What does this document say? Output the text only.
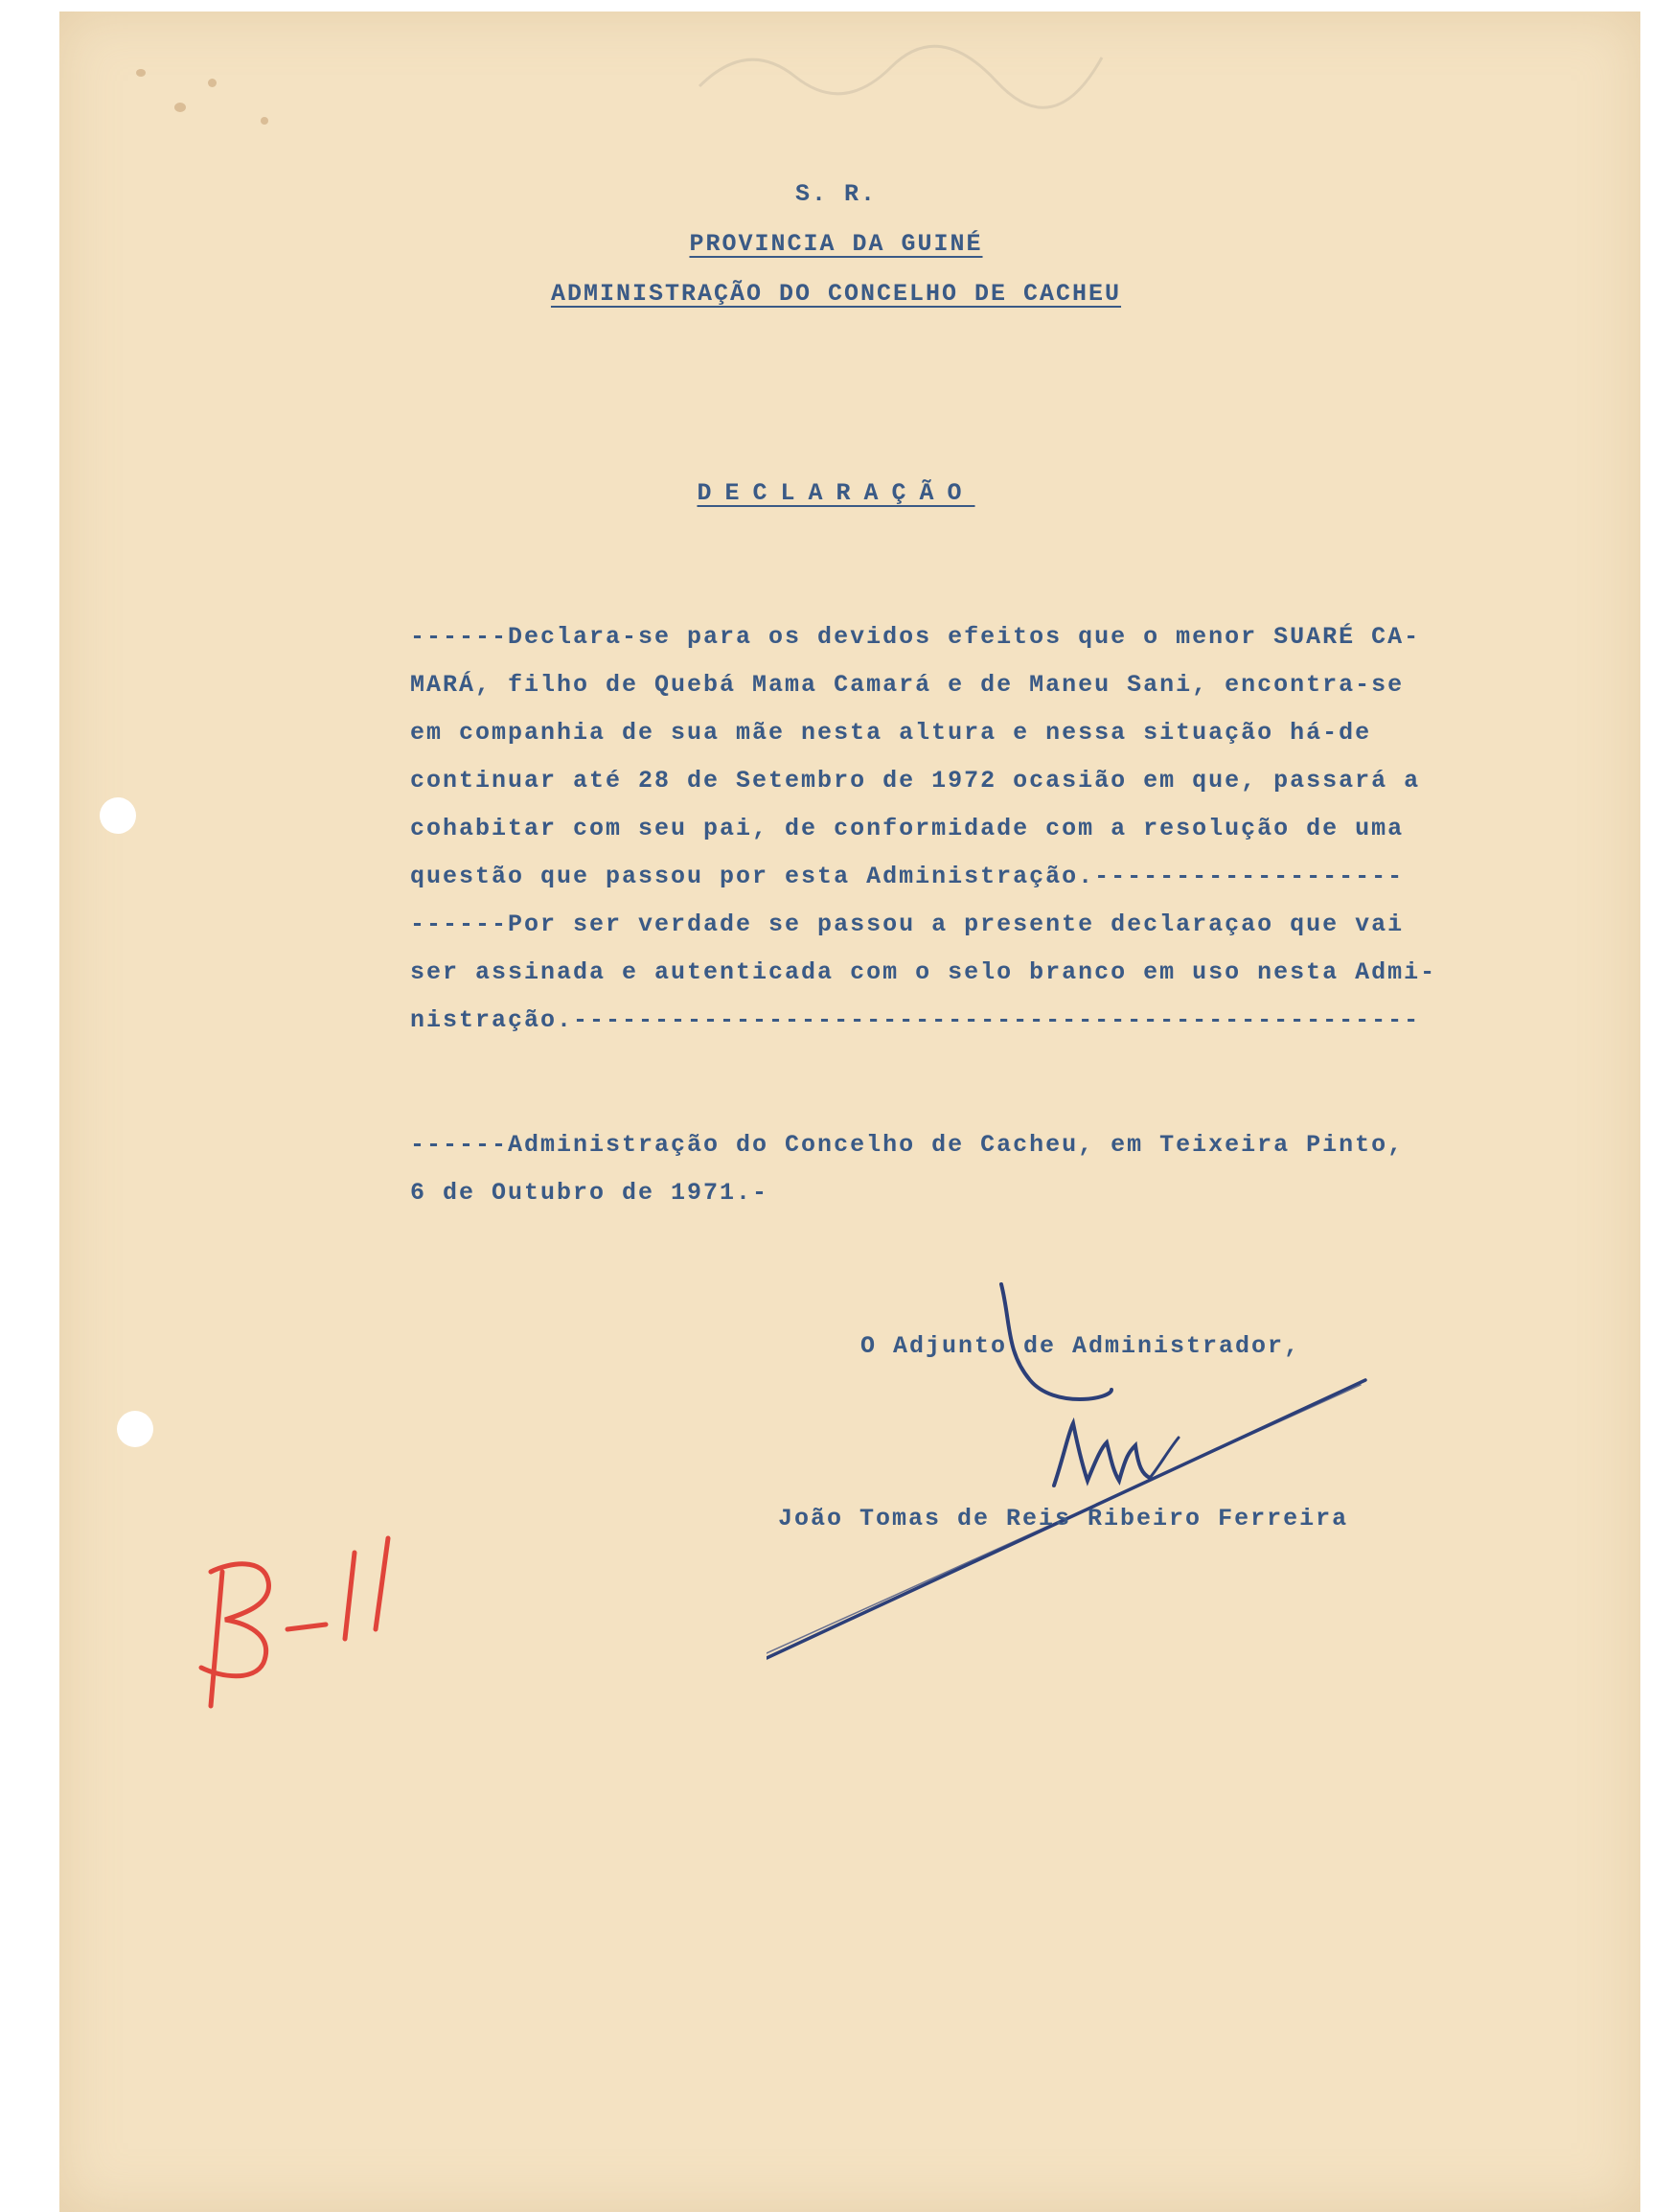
S. R.
PROVINCIA DA GUINÉ
ADMINISTRAÇÃO DO CONCELHO DE CACHEU
DECLARAÇÃO
------Declara-se para os devidos efeitos que o menor SUARÉ CA-
MARÁ, filho de Quebá Mama Camará e de Maneu Sani, encontra-se
em companhia de sua mãe nesta altura e nessa situação há-de
continuar até 28 de Setembro de 1972 ocasião em que, passará a
cohabitar com seu pai, de conformidade com a resolução de uma
questão que passou por esta Administração.-------------------
------Por ser verdade se passou a presente declaraçao que vai
ser assinada e autenticada com o selo branco em uso nesta Admi-
nistração.----------------------------------------------------
------Administração do Concelho de Cacheu, em Teixeira Pinto,
6 de Outubro de 1971.-
O Adjunto de Administrador,
João Tomas de Reis Ribeiro Ferreira
